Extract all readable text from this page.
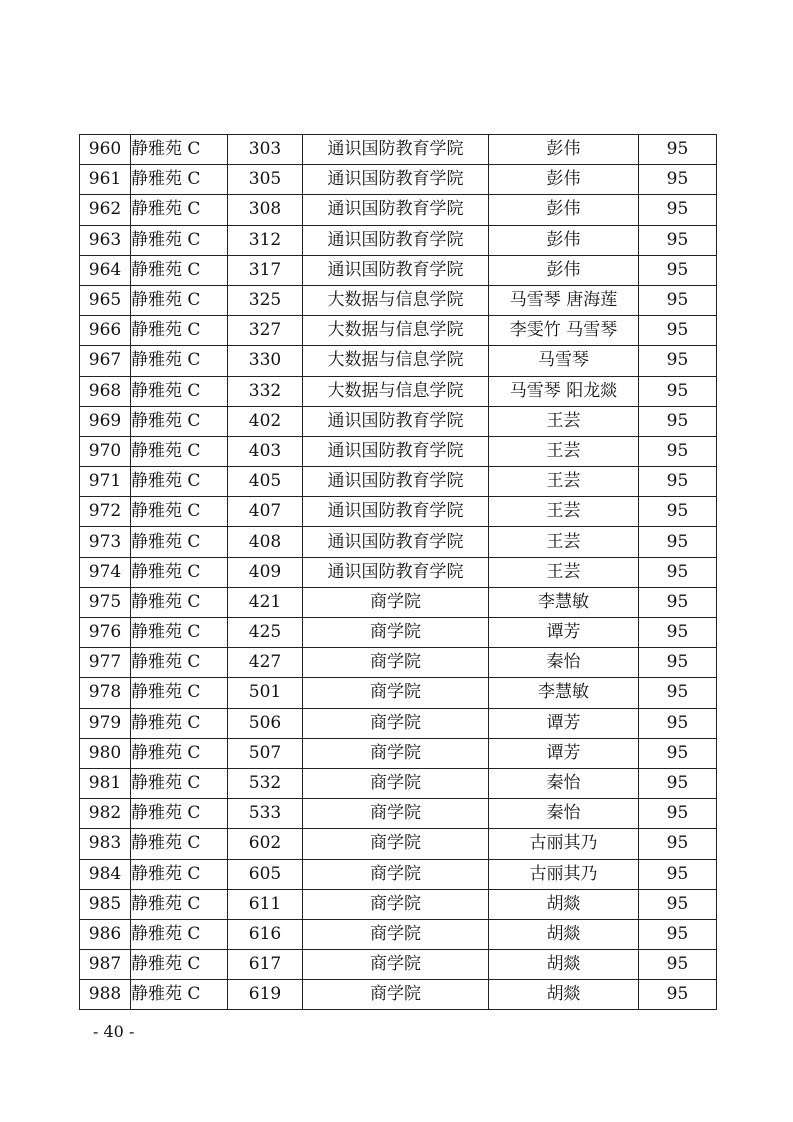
960	静雅苑 C	303	通识国防教育学院	彭伟	95
961	静雅苑 C	305	通识国防教育学院	彭伟	95
962	静雅苑 C	308	通识国防教育学院	彭伟	95
963	静雅苑 C	312	通识国防教育学院	彭伟	95
964	静雅苑 C	317	通识国防教育学院	彭伟	95
965	静雅苑 C	325	大数据与信息学院	马雪琴 唐海莲	95
966	静雅苑 C	327	大数据与信息学院	李雯竹 马雪琴	95
967	静雅苑 C	330	大数据与信息学院	马雪琴	95
968	静雅苑 C	332	大数据与信息学院	马雪琴 阳龙燚	95
969	静雅苑 C	402	通识国防教育学院	王芸	95
970	静雅苑 C	403	通识国防教育学院	王芸	95
971	静雅苑 C	405	通识国防教育学院	王芸	95
972	静雅苑 C	407	通识国防教育学院	王芸	95
973	静雅苑 C	408	通识国防教育学院	王芸	95
974	静雅苑 C	409	通识国防教育学院	王芸	95
975	静雅苑 C	421	商学院	李慧敏	95
976	静雅苑 C	425	商学院	谭芳	95
977	静雅苑 C	427	商学院	秦怡	95
978	静雅苑 C	501	商学院	李慧敏	95
979	静雅苑 C	506	商学院	谭芳	95
980	静雅苑 C	507	商学院	谭芳	95
981	静雅苑 C	532	商学院	秦怡	95
982	静雅苑 C	533	商学院	秦怡	95
983	静雅苑 C	602	商学院	古丽其乃	95
984	静雅苑 C	605	商学院	古丽其乃	95
985	静雅苑 C	611	商学院	胡燚	95
986	静雅苑 C	616	商学院	胡燚	95
987	静雅苑 C	617	商学院	胡燚	95
988	静雅苑 C	619	商学院	胡燚	95
- 40 -
